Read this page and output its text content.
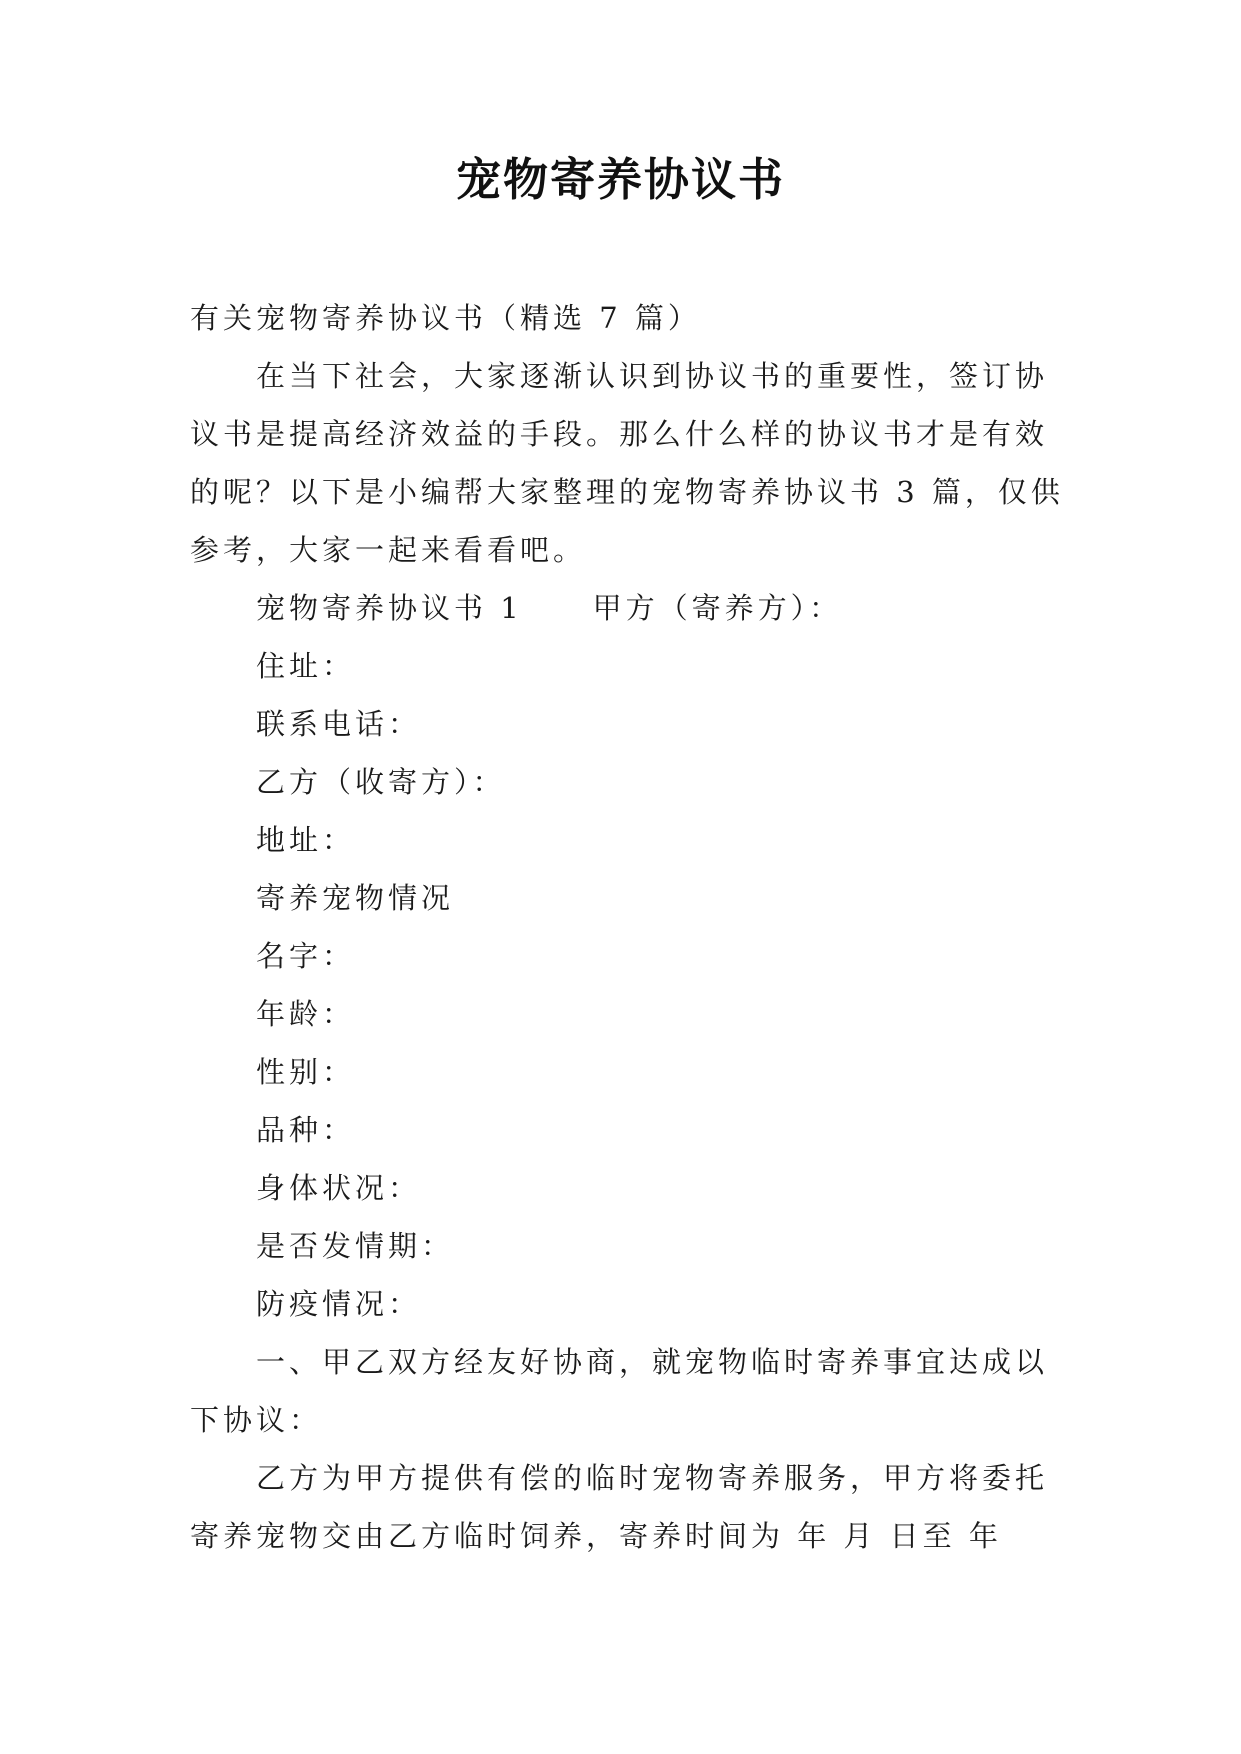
宠物寄养协议书

有关宠物寄养协议书（精选 7 篇）

在当下社会，大家逐渐认识到协议书的重要性，签订协议书是提高经济效益的手段。那么什么样的协议书才是有效的呢？以下是小编帮大家整理的宠物寄养协议书 3 篇，仅供参考，大家一起来看看吧。

宠物寄养协议书 1 甲方（寄养方）：

住址：

联系电话：

乙方（收寄方）：

地址：

寄养宠物情况

名字：

年龄：

性别：

品种：

身体状况：

是否发情期：

防疫情况：

一、甲乙双方经友好协商，就宠物临时寄养事宜达成以下协议：

乙方为甲方提供有偿的临时宠物寄养服务，甲方将委托寄养宠物交由乙方临时饲养，寄养时间为 年 月 日至 年
